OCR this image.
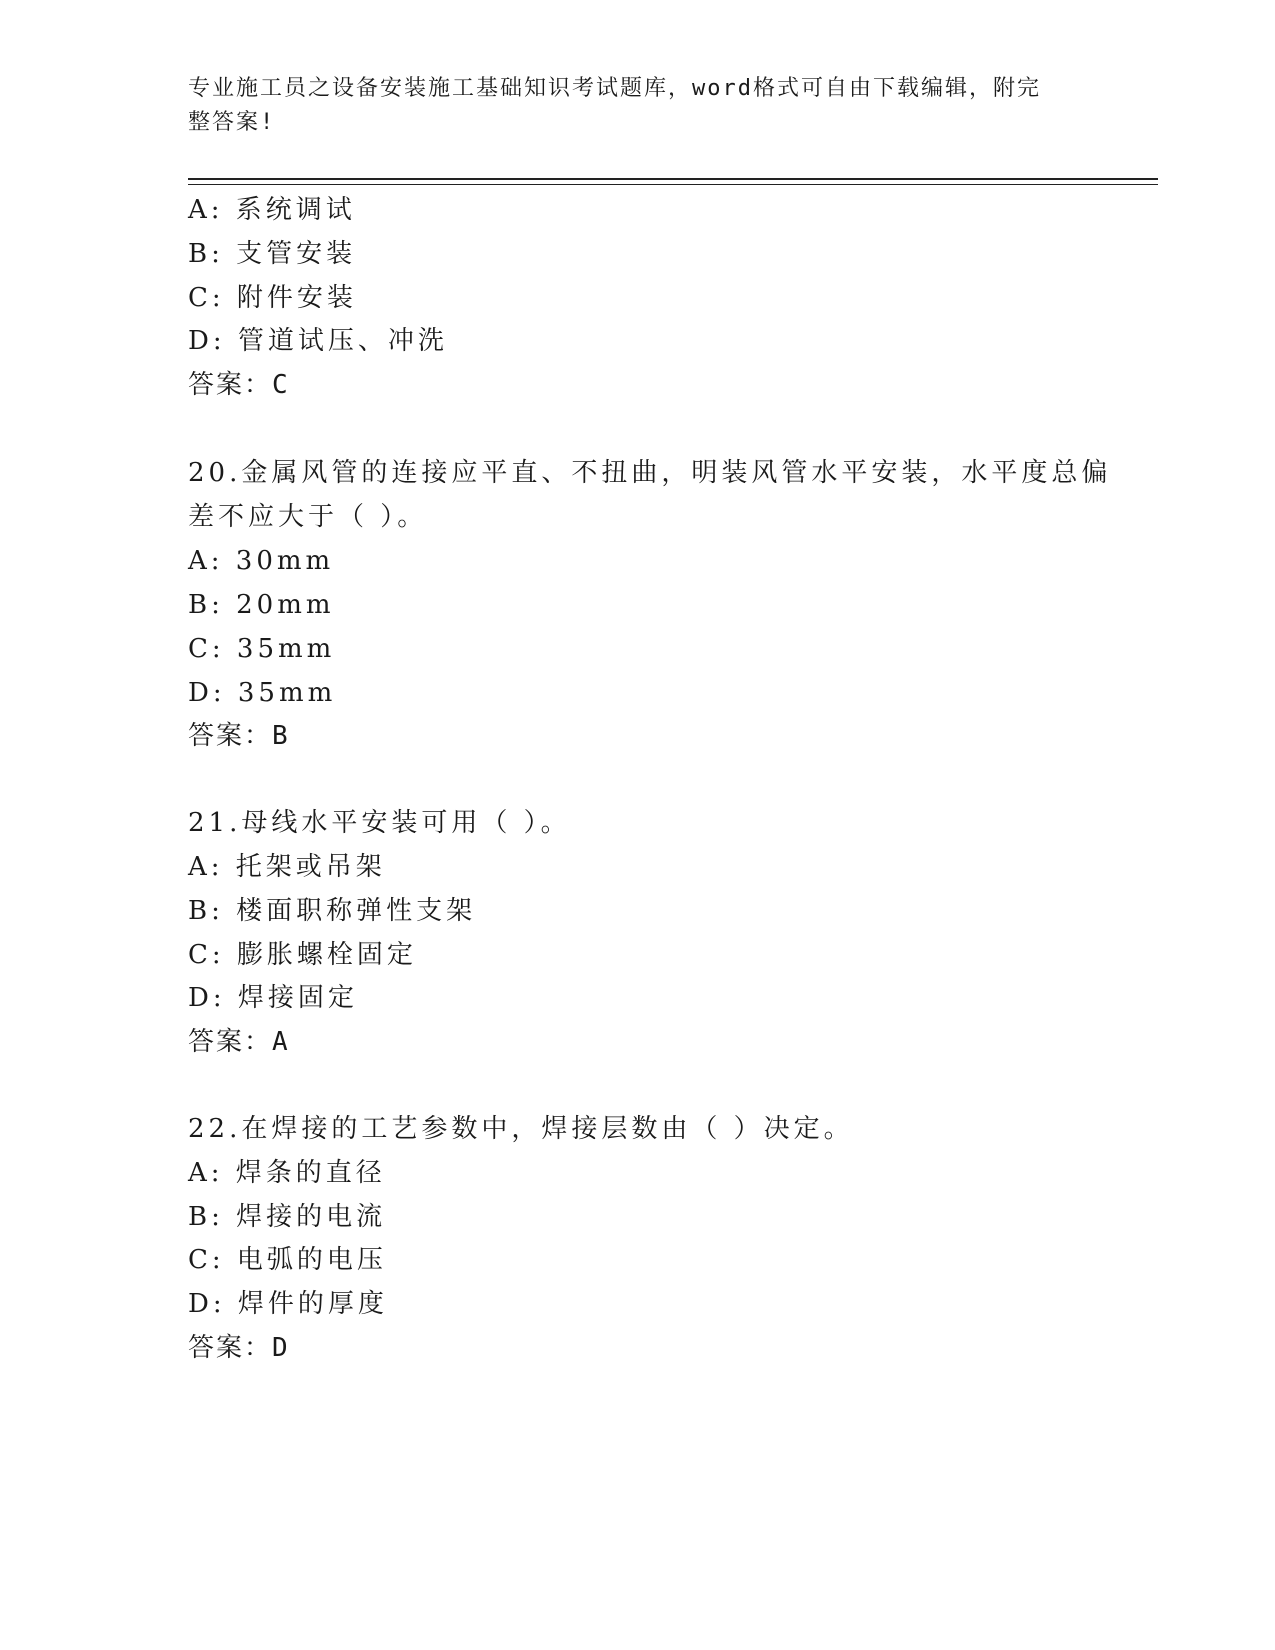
专业施工员之设备安装施工基础知识考试题库，word格式可自由下载编辑，附完
整答案!
A: 系统调试
B: 支管安装
C: 附件安装
D: 管道试压、冲洗
答案：C
20.金属风管的连接应平直、不扭曲，明装风管水平安装，水平度总偏
差不应大于（ ）。
A: 30mm
B: 20mm
C: 35mm
D: 35mm
答案：B
21.母线水平安装可用（ ）。
A: 托架或吊架
B: 楼面职称弹性支架
C: 膨胀螺栓固定
D: 焊接固定
答案：A
22.在焊接的工艺参数中，焊接层数由（ ）决定。
A: 焊条的直径
B: 焊接的电流
C: 电弧的电压
D: 焊件的厚度
答案：D
